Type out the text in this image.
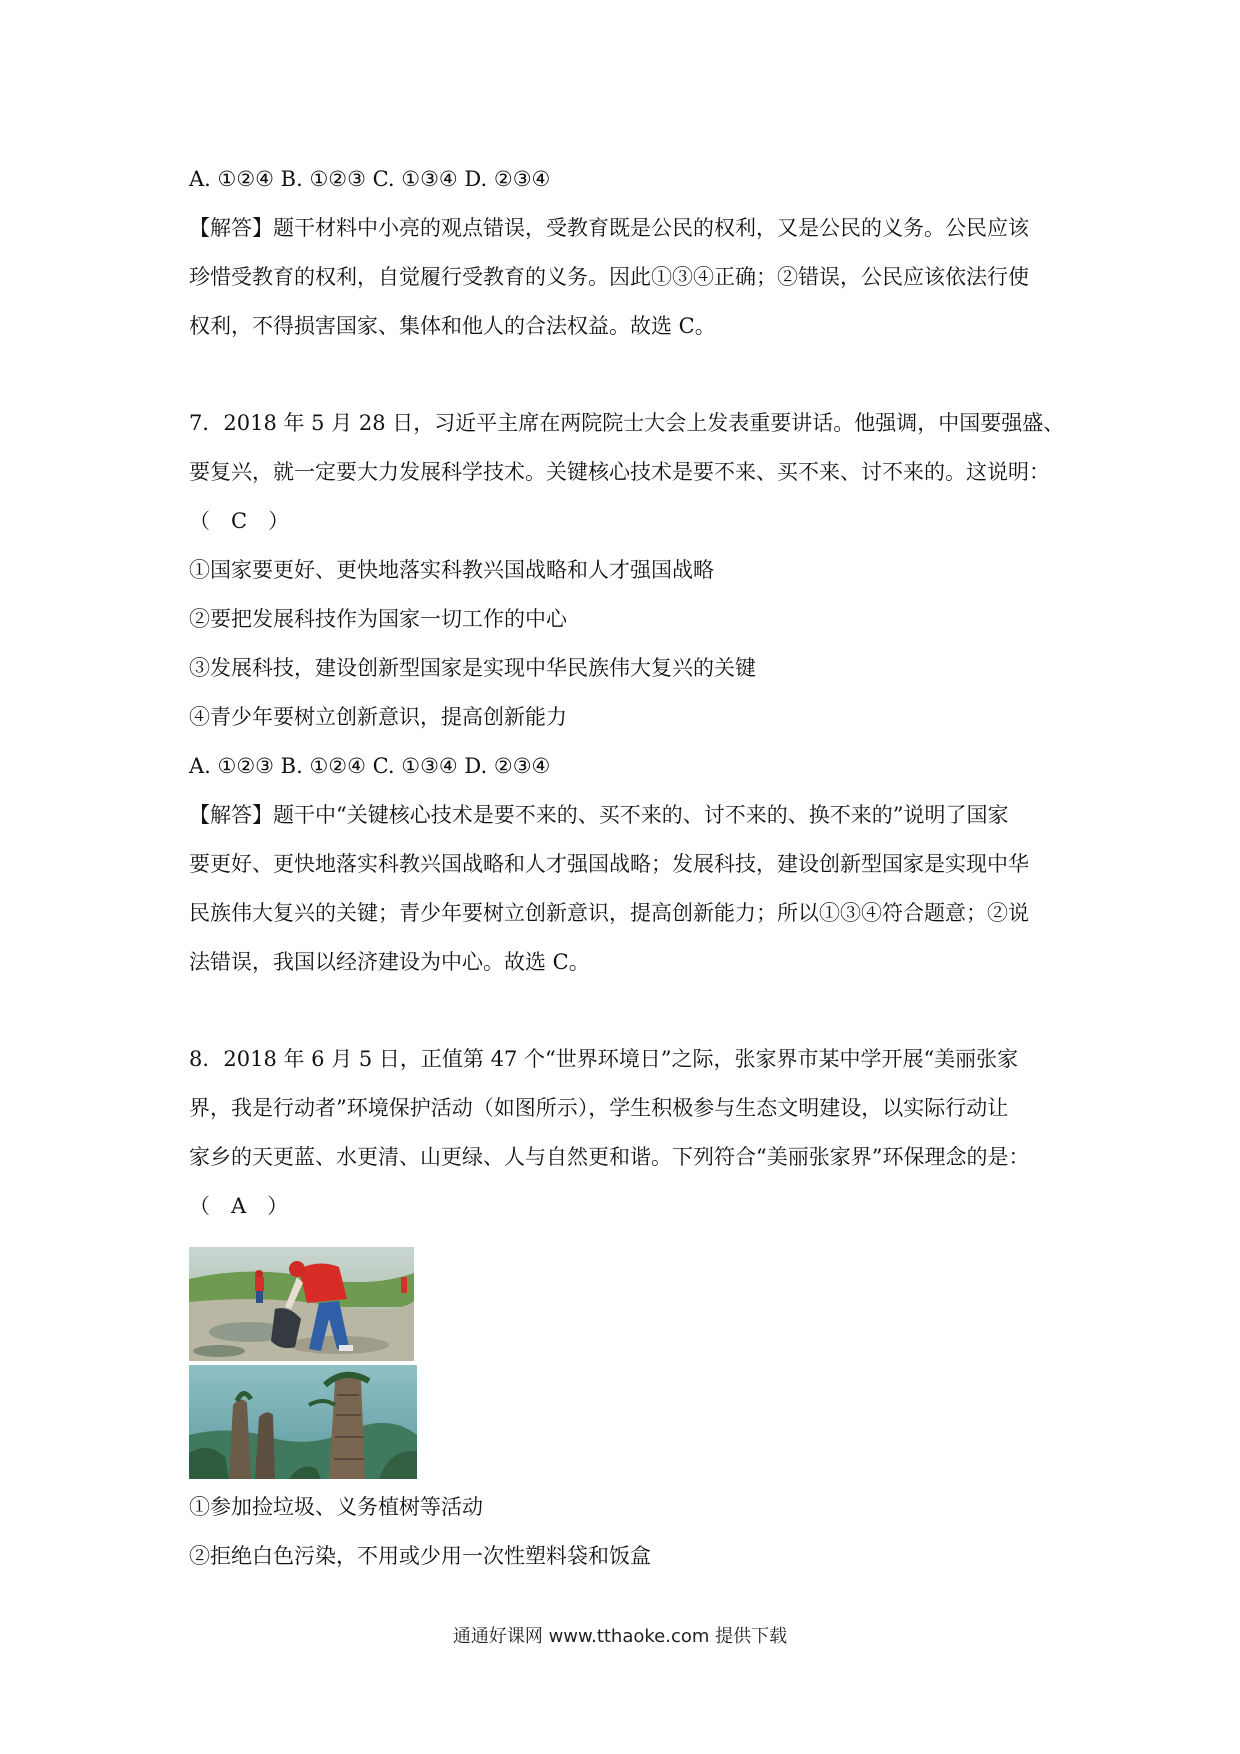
A. ①②④ B. ①②③ C. ①③④ D. ②③④
【解答】题干材料中小亮的观点错误，受教育既是公民的权利，又是公民的义务。公民应该
珍惜受教育的权利，自觉履行受教育的义务。因此①③④正确；②错误，公民应该依法行使
权利，不得损害国家、集体和他人的合法权益。故选 C。
7．2018 年 5 月 28 日，习近平主席在两院院士大会上发表重要讲话。他强调，中国要强盛、
要复兴，就一定要大力发展科学技术。关键核心技术是要不来、买不来、讨不来的。这说明：
（　C　）
①国家要更好、更快地落实科教兴国战略和人才强国战略
②要把发展科技作为国家一切工作的中心
③发展科技，建设创新型国家是实现中华民族伟大复兴的关键
④青少年要树立创新意识，提高创新能力
A. ①②③ B. ①②④ C. ①③④ D. ②③④
【解答】题干中“关键核心技术是要不来的、买不来的、讨不来的、换不来的”说明了国家
要更好、更快地落实科教兴国战略和人才强国战略；发展科技，建设创新型国家是实现中华
民族伟大复兴的关键；青少年要树立创新意识，提高创新能力；所以①③④符合题意；②说
法错误，我国以经济建设为中心。故选 C。
8．2018 年 6 月 5 日，正值第 47 个“世界环境日”之际，张家界市某中学开展“美丽张家
界，我是行动者”环境保护活动（如图所示），学生积极参与生态文明建设，以实际行动让
家乡的天更蓝、水更清、山更绿、人与自然更和谐。下列符合“美丽张家界”环保理念的是：
（　A　）
①参加捡垃圾、义务植树等活动
②拒绝白色污染，不用或少用一次性塑料袋和饭盒
通通好课网 www.tthaoke.com 提供下载
